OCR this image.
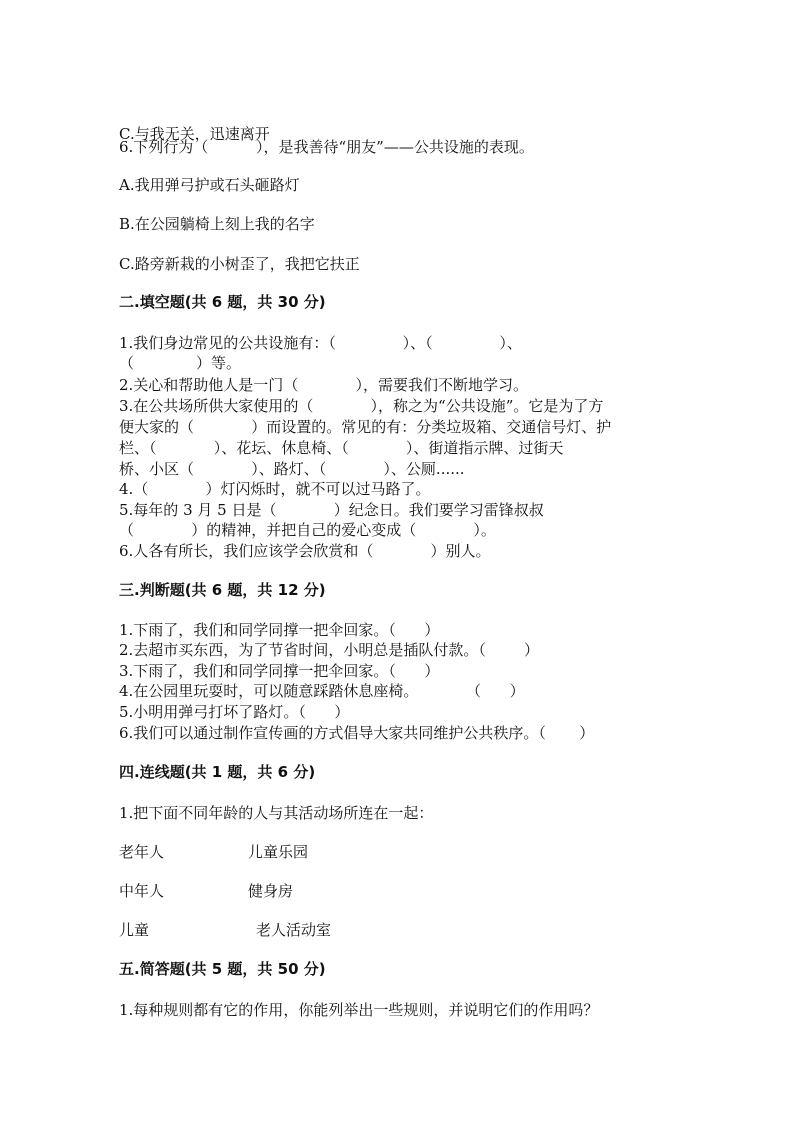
C.与我无关，迅速离开
6.下列行为（          ），是我善待“朋友”——公共设施的表现。
A.我用弹弓护或石头砸路灯
B.在公园躺椅上刻上我的名字
C.路旁新栽的小树歪了，我把它扶正
二.填空题(共 6 题，共 30 分)
1.我们身边常见的公共设施有：（              ）、（              ）、
（             ）等。
2.关心和帮助他人是一门（            ），需要我们不断地学习。
3.在公共场所供大家使用的（            ），称之为“公共设施”。它是为了方
便大家的（            ）而设置的。常见的有：分类垃圾箱、交通信号灯、护
栏、（            ）、花坛、休息椅、（            ）、街道指示牌、过街天
桥、小区（            ）、路灯、（            ）、公厕......
4.（            ）灯闪烁时，就不可以过马路了。
5.每年的 3 月 5 日是（            ）纪念日。我们要学习雷锋叔叔
（            ）的精神，并把自己的爱心变成（            ）。
6.人各有所长，我们应该学会欣赏和（            ）别人。
三.判断题(共 6 题，共 12 分)
1.下雨了，我们和同学同撑一把伞回家。（      ）
2.去超市买东西，为了节省时间，小明总是插队付款。（        ）
3.下雨了，我们和同学同撑一把伞回家。（      ）
4.在公园里玩耍时，可以随意踩踏休息座椅。          （      ）
5.小明用弹弓打坏了路灯。（      ）
6.我们可以通过制作宣传画的方式倡导大家共同维护公共秩序。（       ）
四.连线题(共 1 题，共 6 分)
1.把下面不同年龄的人与其活动场所连在一起：
老年人	儿童乐园
中年人	健身房
儿童	老人活动室
五.简答题(共 5 题，共 50 分)
1.每种规则都有它的作用，你能列举出一些规则，并说明它们的作用吗？
